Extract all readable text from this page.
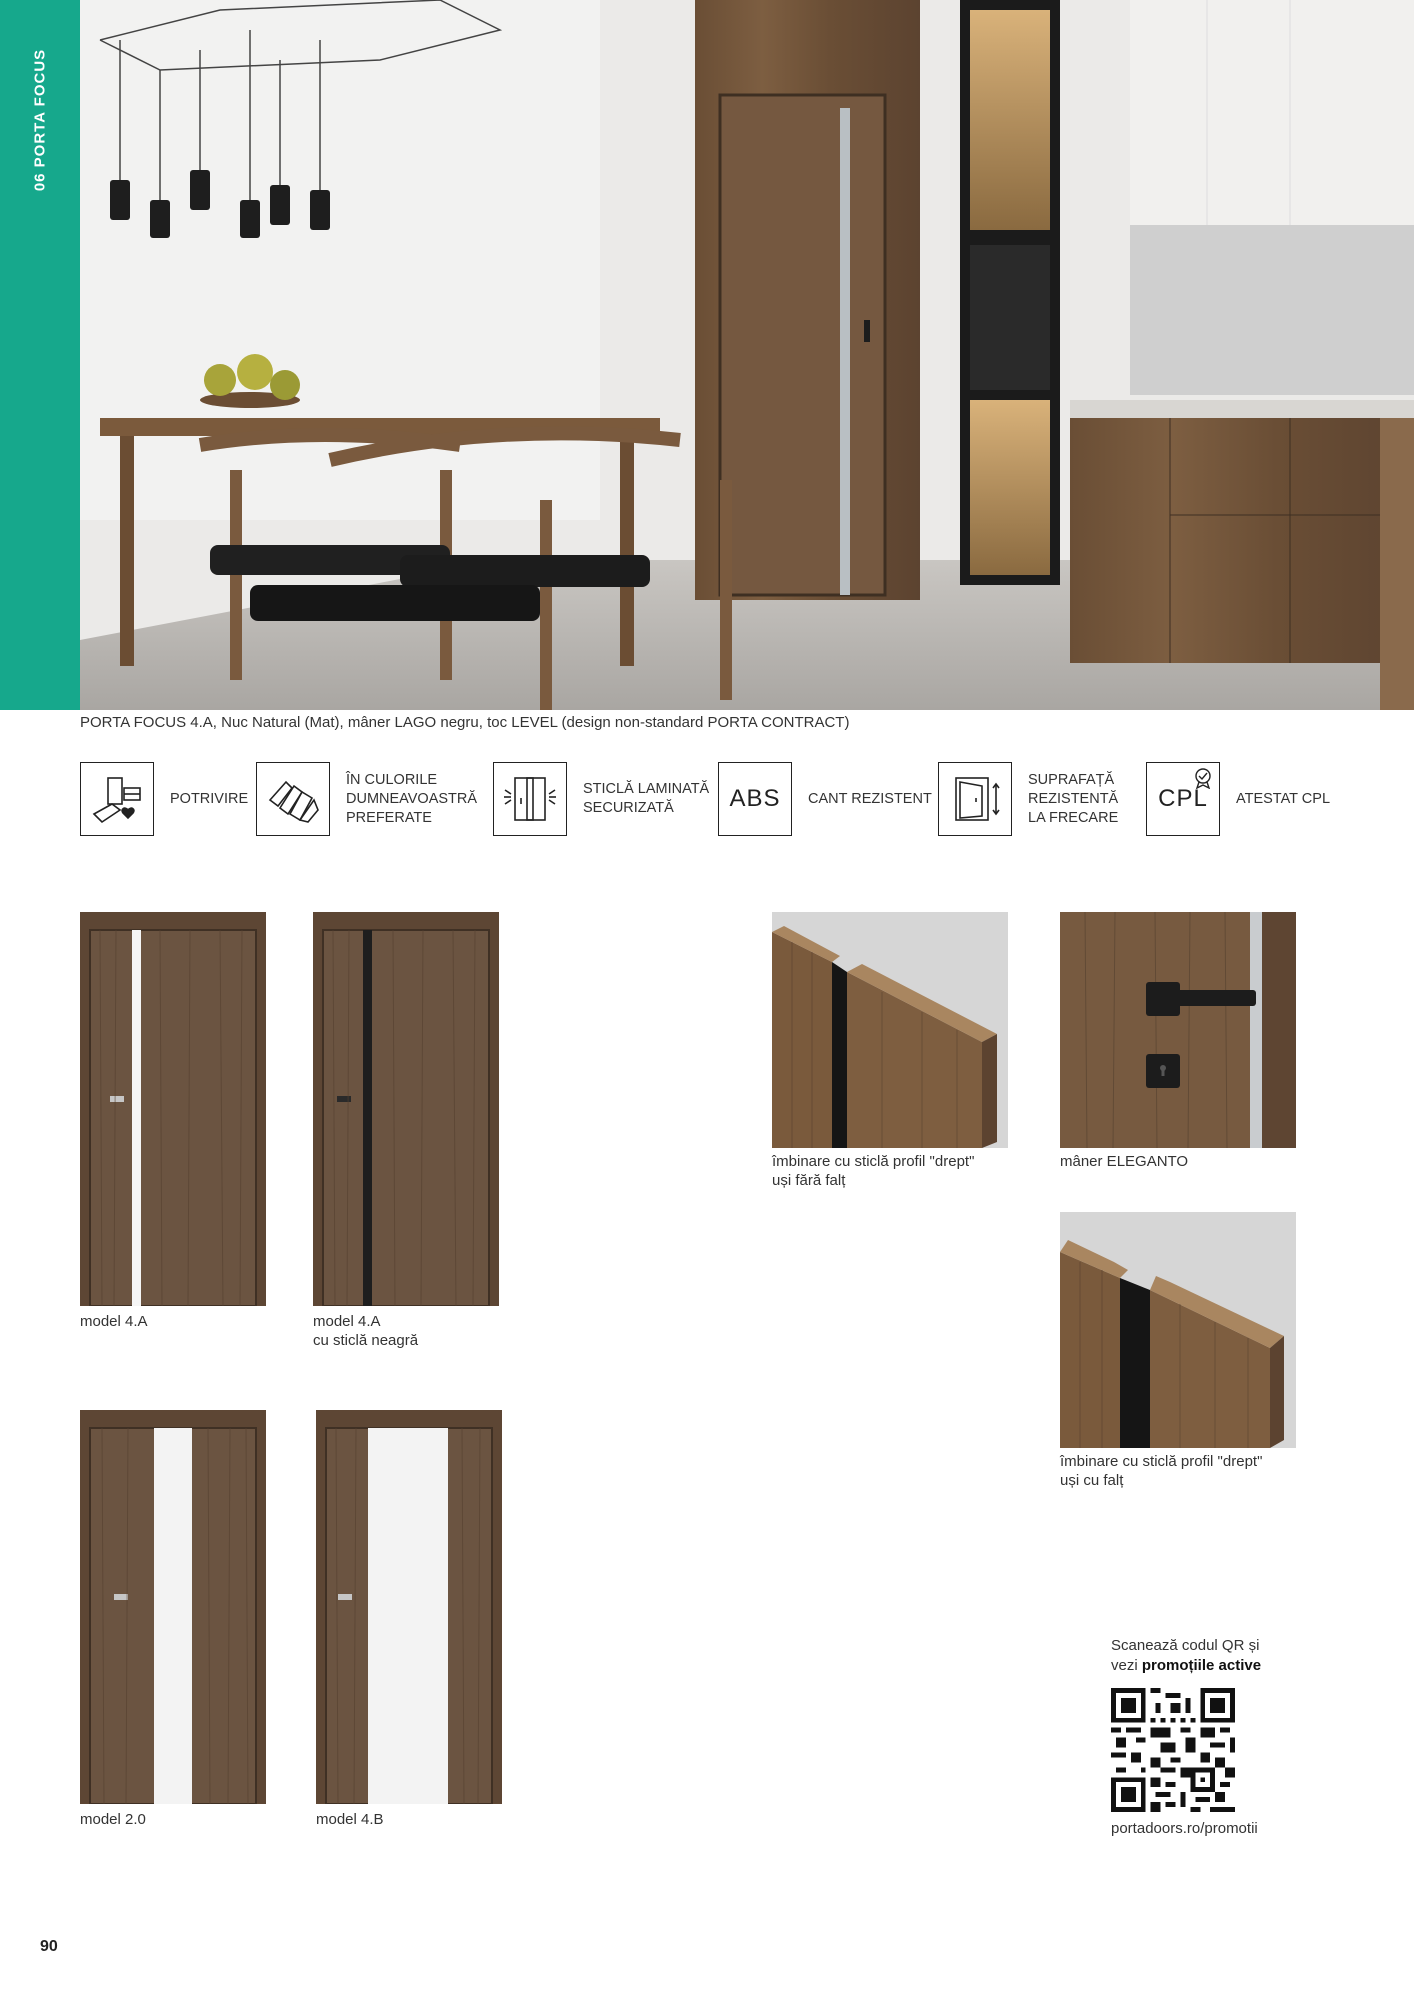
06 PORTA FOCUS
PORTA FOCUS 4.A, Nuc Natural (Mat), mâner LAGO negru, toc LEVEL (design non-standard PORTA CONTRACT)
POTRIVIRE
ÎN CULORILE
DUMNEAVOASTRĂ
PREFERATE
STICLĂ LAMINATĂ
SECURIZATĂ	ABS CANT REZISTENT
SUPRAFAȚĂ
REZISTENTĂ
LA FRECARE
CPL ATESTAT CPL
model 4.A	model 4.A
cu sticlă neagră
model 2.0	model 4.B
îmbinare cu sticlă profil "drept"
uși fără falț
mâner ELEGANTO
îmbinare cu sticlă profil "drept"
uși cu falț
Scanează codul QR și
vezi promoțiile active
portadoors.ro/promotii
90
